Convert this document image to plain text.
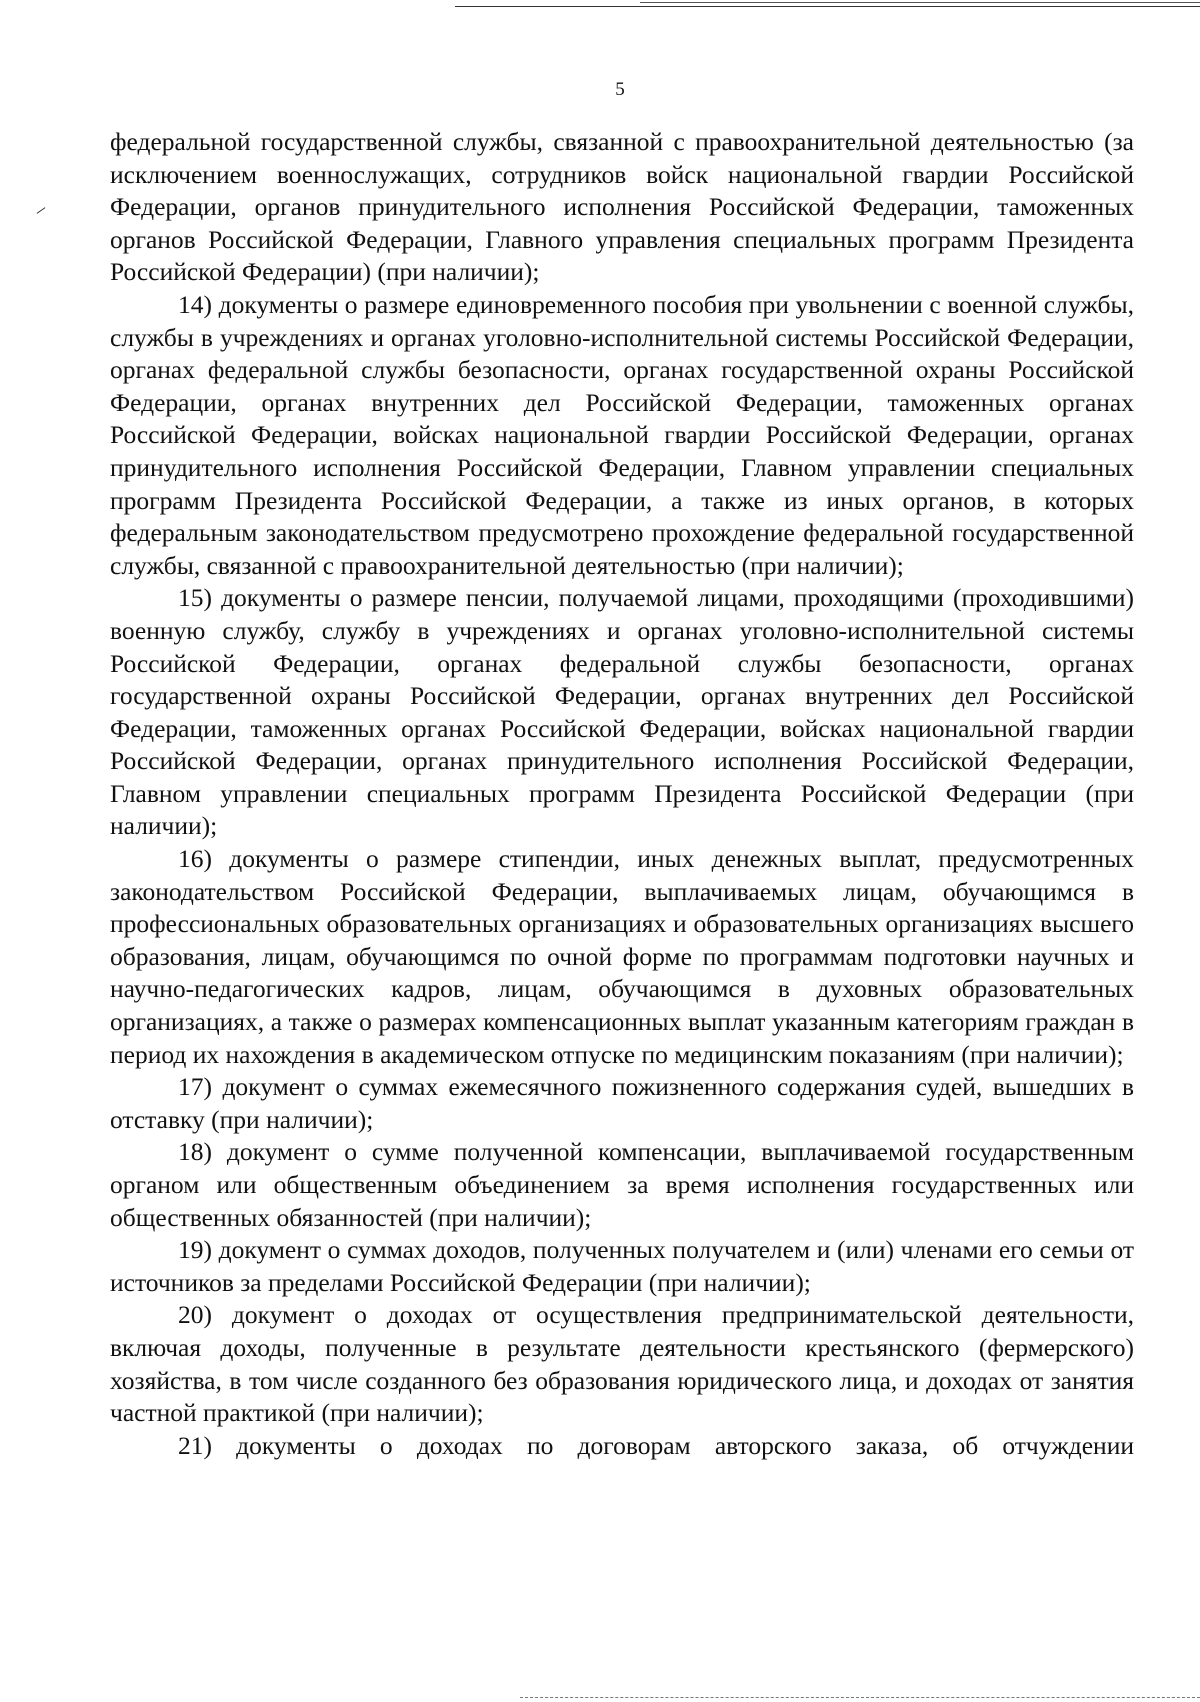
5

федеральной государственной службы, связанной с правоохранительной деятельностью (за исключением военнослужащих, сотрудников войск национальной гвардии Российской Федерации, органов принудительного исполнения Российской Федерации, таможенных органов Российской Федерации, Главного управления специальных программ Президента Российской Федерации) (при наличии);

14) документы о размере единовременного пособия при увольнении с военной службы, службы в учреждениях и органах уголовно-исполнительной системы Российской Федерации, органах федеральной службы безопасности, органах государственной охраны Российской Федерации, органах внутренних дел Российской Федерации, таможенных органах Российской Федерации, войсках национальной гвардии Российской Федерации, органах принудительного исполнения Российской Федерации, Главном управлении специальных программ Президента Российской Федерации, а также из иных органов, в которых федеральным законодательством предусмотрено прохождение федеральной государственной службы, связанной с правоохранительной деятельностью (при наличии);

15) документы о размере пенсии, получаемой лицами, проходящими (проходившими) военную службу, службу в учреждениях и органах уголовно-исполнительной системы Российской Федерации, органах федеральной службы безопасности, органах государственной охраны Российской Федерации, органах внутренних дел Российской Федерации, таможенных органах Российской Федерации, войсках национальной гвардии Российской Федерации, органах принудительного исполнения Российской Федерации, Главном управлении специальных программ Президента Российской Федерации (при наличии);

16) документы о размере стипендии, иных денежных выплат, предусмотренных законодательством Российской Федерации, выплачиваемых лицам, обучающимся в профессиональных образовательных организациях и образовательных организациях высшего образования, лицам, обучающимся по очной форме по программам подготовки научных и научно-педагогических кадров, лицам, обучающимся в духовных образовательных организациях, а также о размерах компенсационных выплат указанным категориям граждан в период их нахождения в академическом отпуске по медицинским показаниям (при наличии);

17) документ о суммах ежемесячного пожизненного содержания судей, вышедших в отставку (при наличии);

18) документ о сумме полученной компенсации, выплачиваемой государственным органом или общественным объединением за время исполнения государственных или общественных обязанностей (при наличии);

19) документ о суммах доходов, полученных получателем и (или) членами его семьи от источников за пределами Российской Федерации (при наличии);

20) документ о доходах от осуществления предпринимательской деятельности, включая доходы, полученные в результате деятельности крестьянского (фермерского) хозяйства, в том числе созданного без образования юридического лица, и доходах от занятия частной практикой (при наличии);

21) документы о доходах по договорам авторского заказа, об отчуждении
